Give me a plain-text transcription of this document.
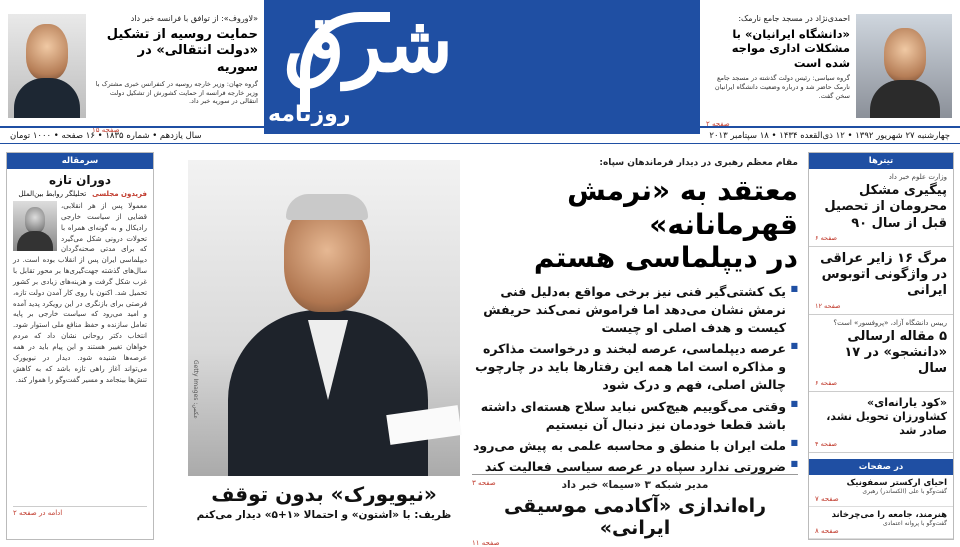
شرق
روزنامه
«لاوروف»: از توافق با فرانسه خبر داد
حمایت روسیه از تشکیل «دولت انتقالی» در سوریه
گروه جهان: وزیر خارجه روسیه در کنفرانس خبری مشترک با وزیر خارجه فرانسه از حمایت کشورش از تشکیل دولت انتقالی در سوریه خبر داد.
صفحه ۱۵
احمدی‌نژاد در مسجد جامع نارمک:
«دانشگاه ایرانیان» با مشکلات اداری مواجه شده است
گروه سیاسی: رئیس دولت گذشته در مسجد جامع نارمک حاضر شد و درباره وضعیت دانشگاه ایرانیان سخن گفت.
صفحه ۲
چهارشنبه ۲۷ شهریور ۱۳۹۲ • ۱۲ ذی‌القعده ۱۴۳۴ • ۱۸ سپتامبر ۲۰۱۳
سال یازدهم • شماره ۱۸۳۵ • ۱۶ صفحه • ۱۰۰۰ تومان
تیترها
وزارت علوم خبر داد
پیگیری مشکل محرومان از تحصیل قبل از سال ۹۰
صفحه ۶
مرگ ۱۶ زایر عراقی در واژگونی اتوبوس ایرانی
صفحه ۱۲
رییس دانشگاه آزاد، «پروفسور» است؟
۵ مقاله ارسالی «دانشجو» در ۱۷ سال
صفحه ۶
«کود یارانه‌ای» کشاورزان تحویل نشد، صادر شد
صفحه ۴
در صفحات
احیای ارکستر سمفونیک
گفت‌وگو با علی (الکساندر) رهبری
صفحه ۷
هنرمند، جامعه را می‌چرخاند
گفت‌وگو با پروانه اعتمادی
صفحه ۸
مقام معظم رهبری در دیدار فرماندهان سپاه:
معتقد به «نرمش قهرمانانه»
در دیپلماسی هستم
■ یک کشتی‌گیر فنی نیز برخی مواقع به‌دلیل فنی نرمش نشان می‌دهد اما فراموش نمی‌کند حریفش کیست و هدف اصلی او چیست
■ عرصه دیپلماسی، عرصه لبخند و درخواست مذاکره و مذاکره است اما همه این رفتارها باید در چارچوب چالش اصلی، فهم و درک شود
■ وقتی می‌گوییم هیچ‌کس نباید سلاح هسته‌ای داشته باشد قطعا خودمان نیز دنبال آن نیستیم
■ ملت ایران با منطق و محاسبه علمی به پیش می‌رود
■ ضرورتی ندارد سپاه در عرصه سیاسی فعالیت کند
صفحه ۳
عکس: Getty Images
«نیویورک» بدون توقف
ظریف: با «اشتون» و احتمالا «۱+۵» دیدار می‌کنم
مدیر شبکه ۳ «سیما» خبر داد
راه‌اندازی «آکادمی موسیقی ایرانی»
صفحه ۱۱
سرمقاله
دوران تازه
فریدون مجلسی
تحلیلگر روابط بین‌الملل
معمولا پس از هر انقلابی، قضایی از سیاست خارجی رادیکال و به گونه‌ای همراه با تحولات درونی شکل می‌گیرد که برای مدتی صحنه‌گردان دیپلماسی ایران پس از انقلاب بوده است. در سال‌های گذشته جهت‌گیری‌ها بر محور تقابل با غرب شکل گرفت و هزینه‌های زیادی بر کشور تحمیل شد. اکنون با روی کار آمدن دولت تازه، فرصتی برای بازنگری در این رویکرد پدید آمده و امید می‌رود که سیاست خارجی بر پایه تعامل سازنده و حفظ منافع ملی استوار شود. انتخاب دکتر روحانی نشان داد که مردم خواهان تغییر هستند و این پیام باید در همه عرصه‌ها شنیده شود. دیدار در نیویورک می‌تواند آغاز راهی تازه باشد که به کاهش تنش‌ها بینجامد و مسیر گفت‌وگو را هموار کند.
ادامه در صفحه ۲
